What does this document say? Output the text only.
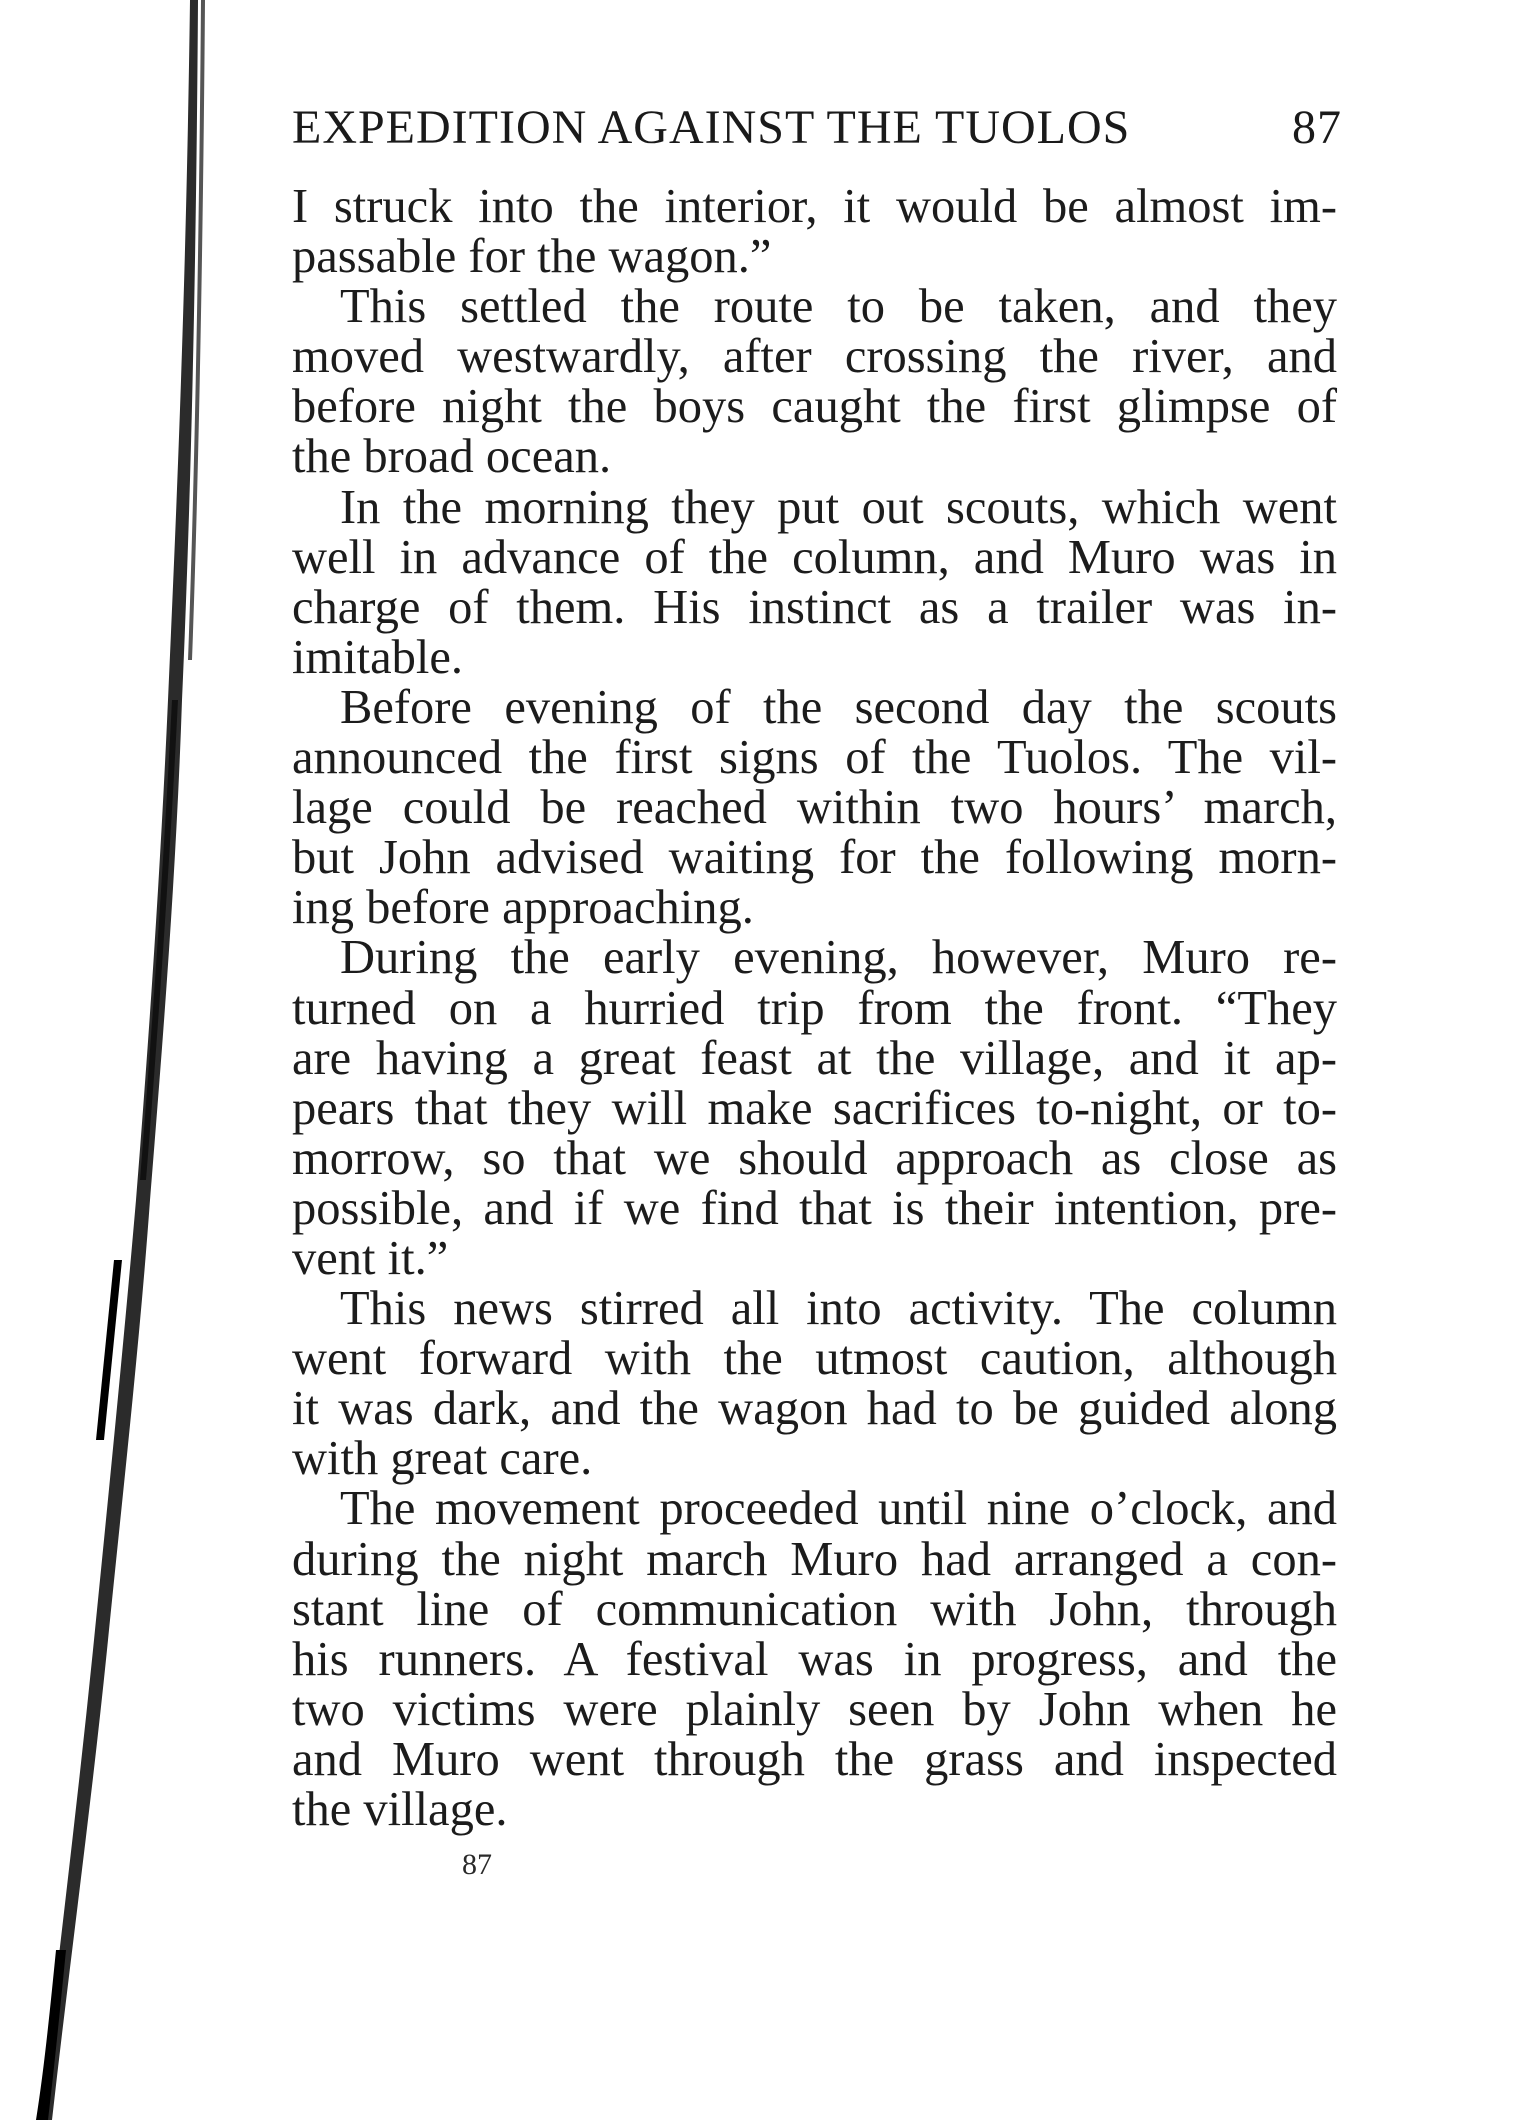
EXPEDITION AGAINST THE TUOLOS	87
I struck into the interior, it would be almost im-
passable for the wagon.”
This settled the route to be taken, and they
moved westwardly, after crossing the river, and
before night the boys caught the first glimpse of
the broad ocean.
In the morning they put out scouts, which went
well in advance of the column, and Muro was in
charge of them. His instinct as a trailer was in-
imitable.
Before evening of the second day the scouts
announced the first signs of the Tuolos. The vil-
lage could be reached within two hours’ march,
but John advised waiting for the following morn-
ing before approaching.
During the early evening, however, Muro re-
turned on a hurried trip from the front. “They
are having a great feast at the village, and it ap-
pears that they will make sacrifices to-night, or to-
morrow, so that we should approach as close as
possible, and if we find that is their intention, pre-
vent it.”
This news stirred all into activity. The column
went forward with the utmost caution, although
it was dark, and the wagon had to be guided along
with great care.
The movement proceeded until nine o’clock, and
during the night march Muro had arranged a con-
stant line of communication with John, through
his runners. A festival was in progress, and the
two victims were plainly seen by John when he
and Muro went through the grass and inspected
the village.
87
